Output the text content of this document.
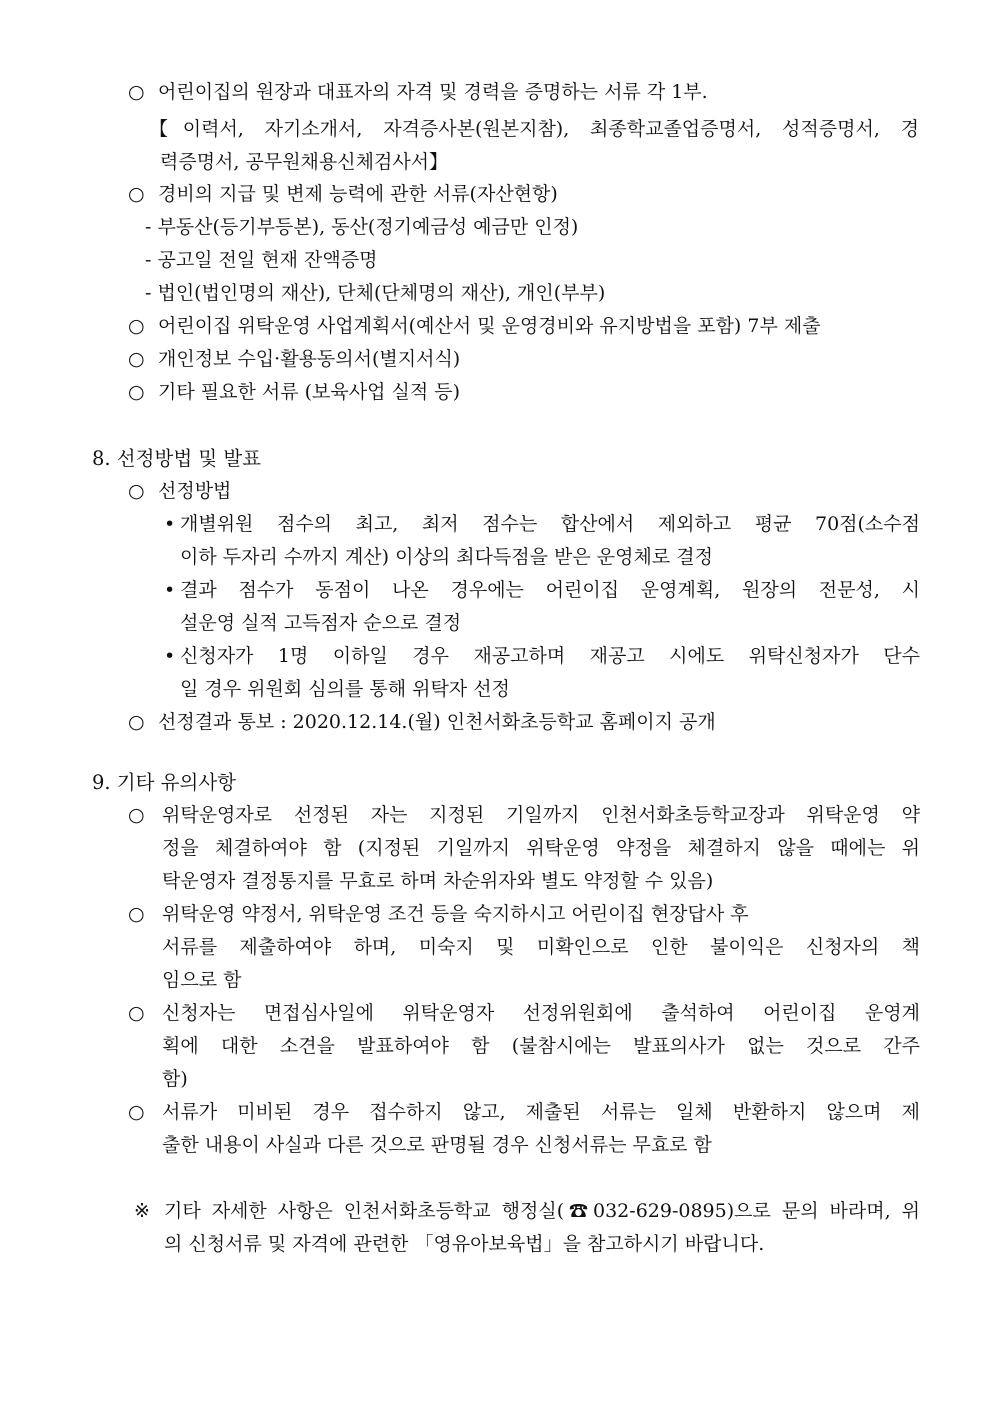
○ 어린이집의 원장과 대표자의 자격 및 경력을 증명하는 서류 각 1부.
【이력서, 자기소개서, 자격증사본(원본지참), 최종학교졸업증명서, 성적증명서, 경
력증명서, 공무원채용신체검사서】
○ 경비의 지급 및 변제 능력에 관한 서류(자산현항)
- 부동산(등기부등본), 동산(정기예금성 예금만 인정)
- 공고일 전일 현재 잔액증명
- 법인(법인명의 재산), 단체(단체명의 재산), 개인(부부)
○ 어린이집 위탁운영 사업계획서(예산서 및 운영경비와 유지방법을 포함) 7부 제출
○ 개인정보 수입·활용동의서(별지서식)
○ 기타 필요한 서류 (보육사업 실적 등)
8. 선정방법 및 발표
○ 선정방법
• 개별위원 점수의 최고, 최저 점수는 합산에서 제외하고 평균 70점(소수점
이하 두자리 수까지 계산) 이상의 최다득점을 받은 운영체로 결정
• 결과 점수가 동점이 나온 경우에는 어린이집 운영계획, 원장의 전문성, 시
설운영 실적 고득점자 순으로 결정
• 신청자가 1명 이하일 경우 재공고하며 재공고 시에도 위탁신청자가 단수
일 경우 위원회 심의를 통해 위탁자 선정
○ 선정결과 통보 : 2020.12.14.(월) 인천서화초등학교 홈페이지 공개
9. 기타 유의사항
○ 위탁운영자로 선정된 자는 지정된 기일까지 인천서화초등학교장과 위탁운영 약
정을 체결하여야 함 (지정된 기일까지 위탁운영 약정을 체결하지 않을 때에는 위
탁운영자 결정통지를 무효로 하며 차순위자와 별도 약정할 수 있음)
○ 위탁운영 약정서, 위탁운영 조건 등을 숙지하시고 어린이집 현장답사 후
서류를 제출하여야 하며, 미숙지 및 미확인으로 인한 불이익은 신청자의 책
임으로 함
○ 신청자는 면접심사일에 위탁운영자 선정위원회에 출석하여 어린이집 운영계
획에 대한 소견을 발표하여야 함 (불참시에는 발표의사가 없는 것으로 간주
함)
○ 서류가 미비된 경우 접수하지 않고, 제출된 서류는 일체 반환하지 않으며 제
출한 내용이 사실과 다른 것으로 판명될 경우 신청서류는 무효로 함
※ 기타 자세한 사항은 인천서화초등학교 행정실(☎032-629-0895)으로 문의 바라며, 위
의 신청서류 및 자격에 관련한 「영유아보육법」을 참고하시기 바랍니다.
